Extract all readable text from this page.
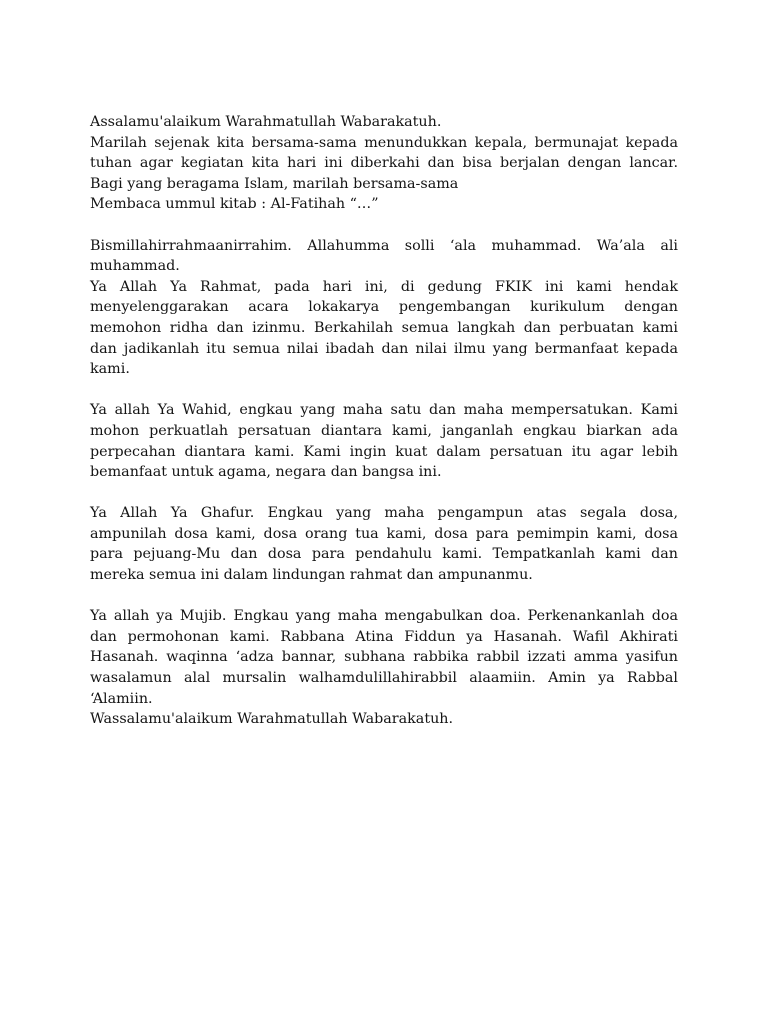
Assalamu'alaikum Warahmatullah Wabarakatuh.
Marilah sejenak kita bersama-sama menundukkan kepala, bermunajat kepada
tuhan agar kegiatan kita hari ini diberkahi dan bisa berjalan dengan lancar.
Bagi yang beragama Islam, marilah bersama-sama
Membaca ummul kitab : Al-Fatihah “…”
Bismillahirrahmaanirrahim. Allahumma solli ‘ala muhammad. Wa’ala ali
muhammad.
Ya Allah Ya Rahmat, pada hari ini, di gedung FKIK ini kami hendak
menyelenggarakan acara lokakarya pengembangan kurikulum dengan
memohon ridha dan izinmu. Berkahilah semua langkah dan perbuatan kami
dan jadikanlah itu semua nilai ibadah dan nilai ilmu yang bermanfaat kepada
kami.
Ya allah Ya Wahid, engkau yang maha satu dan maha mempersatukan. Kami
mohon perkuatlah persatuan diantara kami, janganlah engkau biarkan ada
perpecahan diantara kami. Kami ingin kuat dalam persatuan itu agar lebih
bemanfaat untuk agama, negara dan bangsa ini.
Ya Allah Ya Ghafur. Engkau yang maha pengampun atas segala dosa,
ampunilah dosa kami, dosa orang tua kami, dosa para pemimpin kami, dosa
para pejuang-Mu dan dosa para pendahulu kami. Tempatkanlah kami dan
mereka semua ini dalam lindungan rahmat dan ampunanmu.
Ya allah ya Mujib. Engkau yang maha mengabulkan doa. Perkenankanlah doa
dan permohonan kami. Rabbana Atina Fiddun ya Hasanah. Wafil Akhirati
Hasanah. waqinna ‘adza bannar, subhana rabbika rabbil izzati amma yasifun
wasalamun alal mursalin walhamdulillahirabbil alaamiin. Amin ya Rabbal
‘Alamiin.
Wassalamu'alaikum Warahmatullah Wabarakatuh.
